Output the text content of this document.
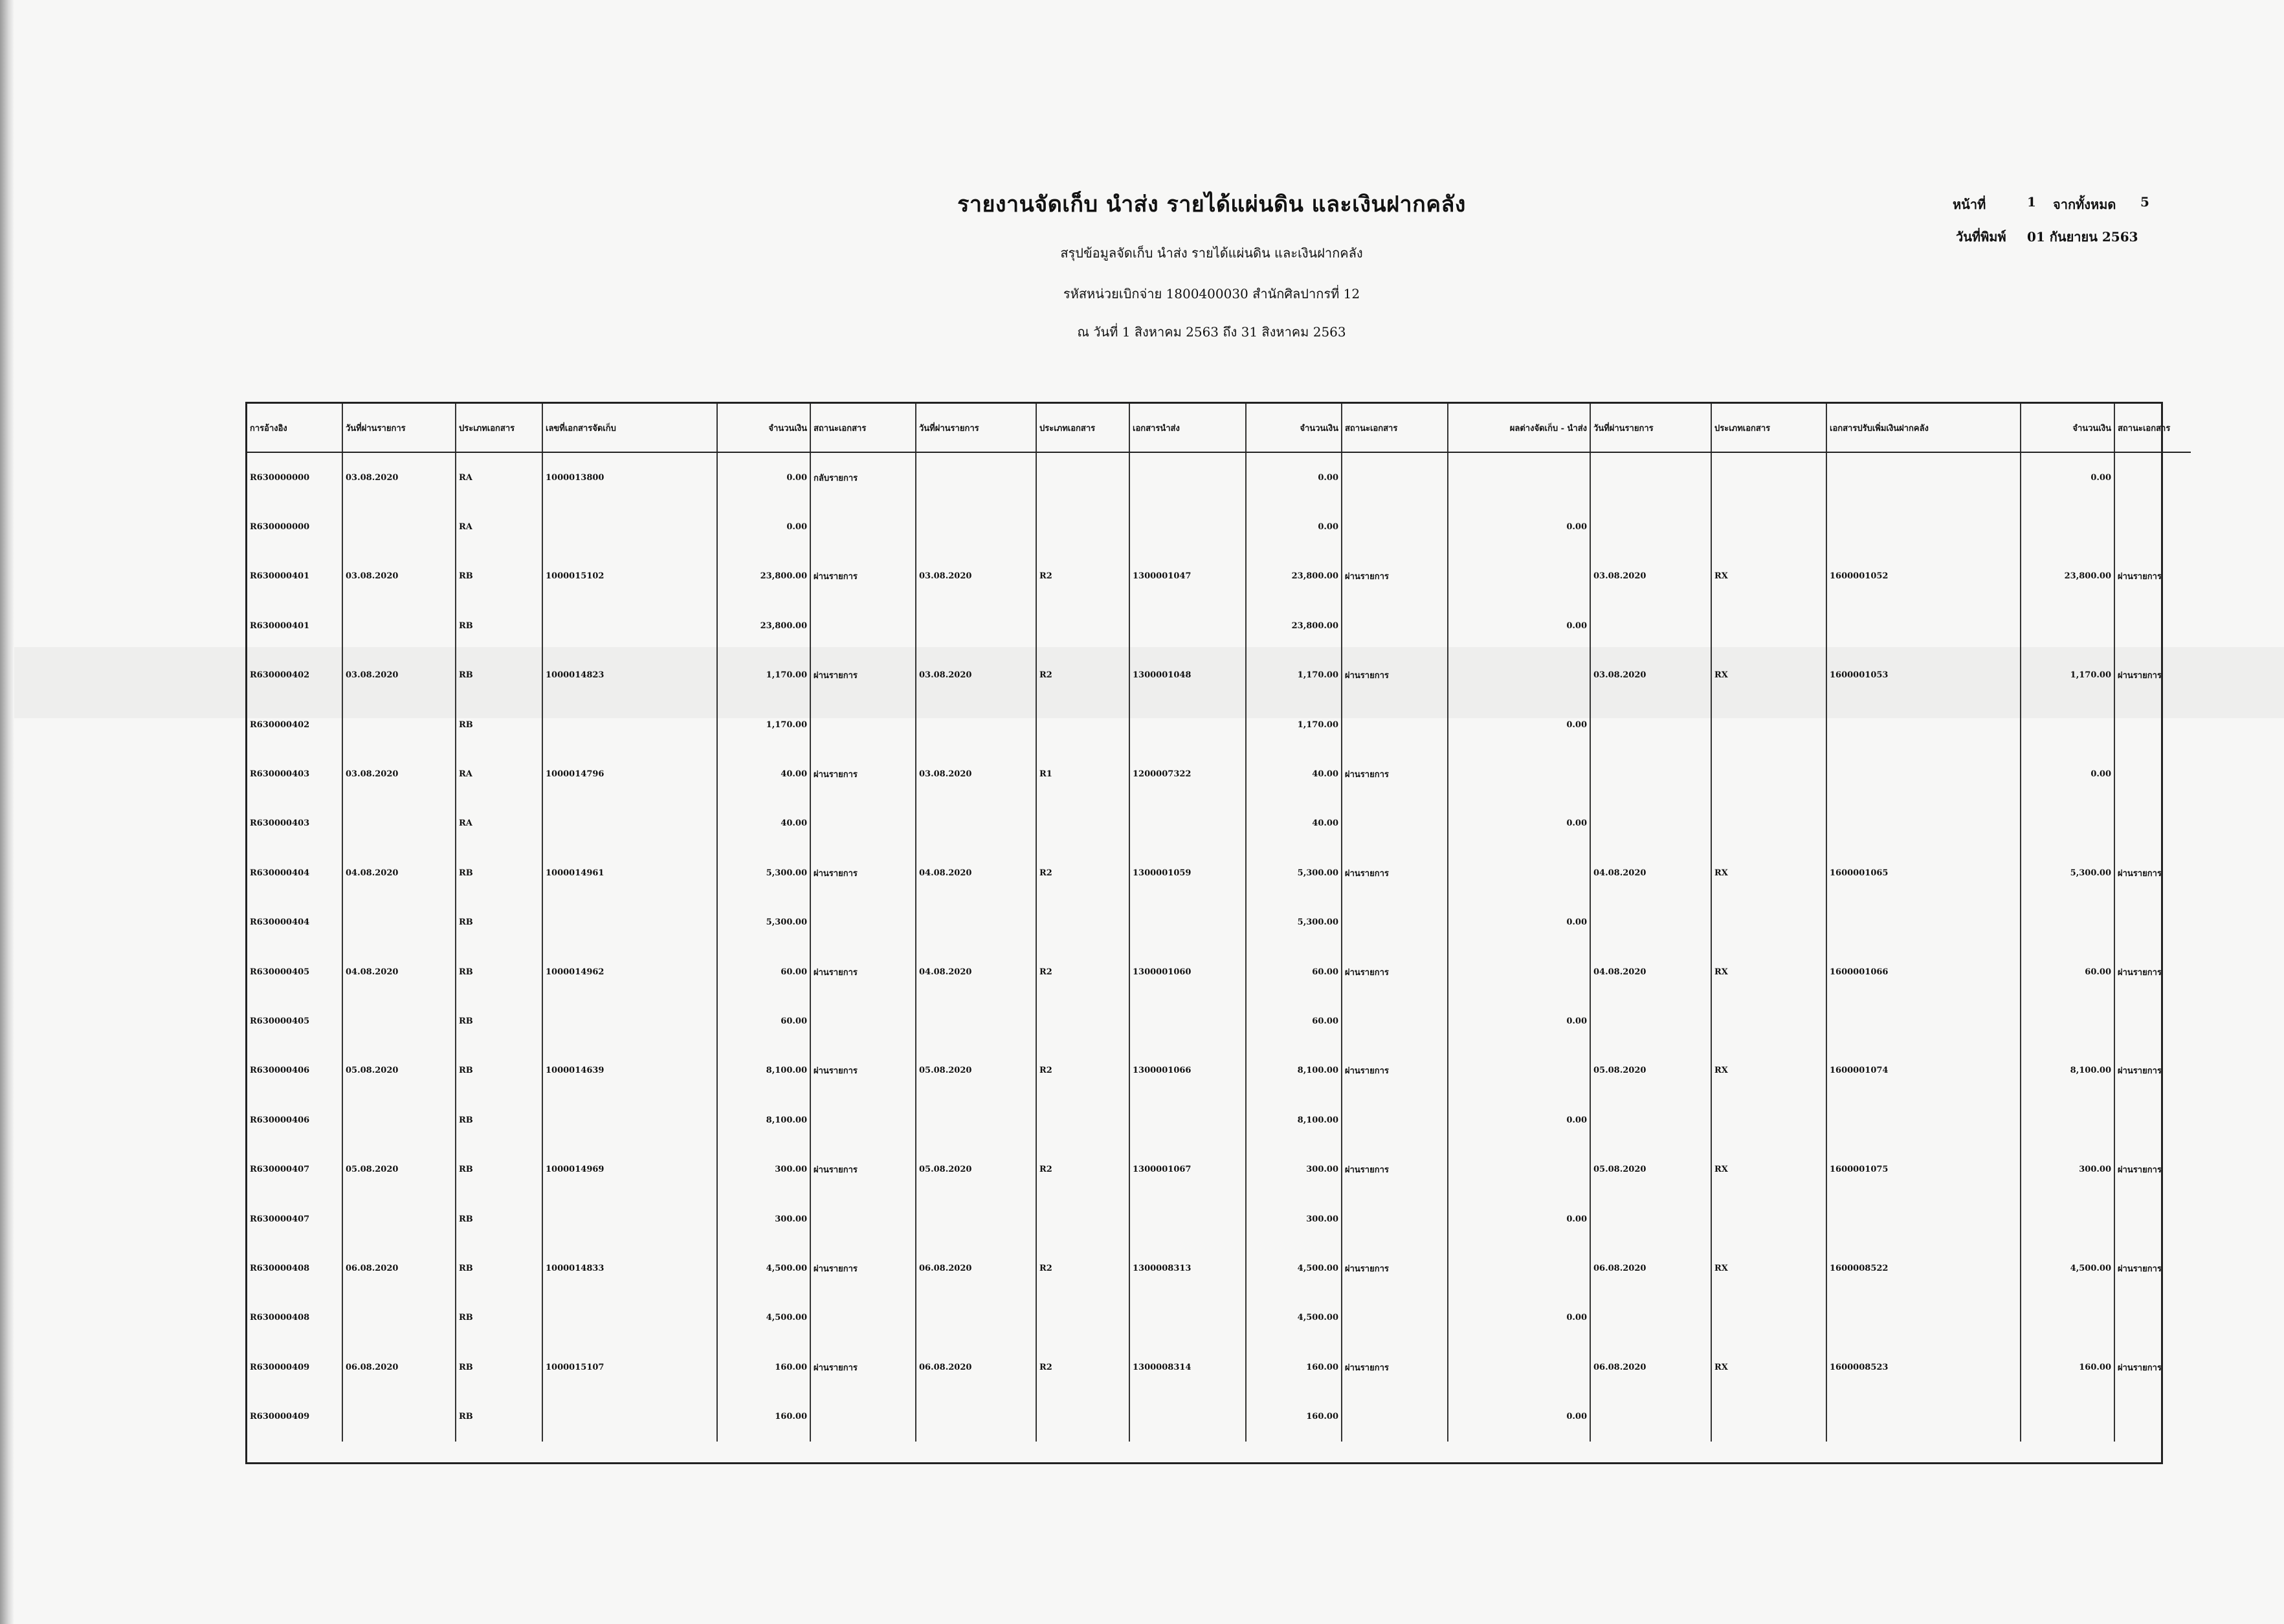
รายงานจัดเก็บ นำส่ง รายได้แผ่นดิน และเงินฝากคลัง
สรุปข้อมูลจัดเก็บ นำส่ง รายได้แผ่นดิน และเงินฝากคลัง
รหัสหน่วยเบิกจ่าย 1800400030 สำนักศิลปากรที่ 12
ณ วันที่ 1 สิงหาคม 2563 ถึง 31 สิงหาคม 2563
หน้าที่	1 จากทั้งหมด 5
วันที่พิมพ์ 01 กันยายน 2563
การอ้างอิง	วันที่ผ่านรายการ	ประเภทเอกสาร	เลขที่เอกสารจัดเก็บ	จำนวนเงิน	สถานะเอกสาร	วันที่ผ่านรายการ	ประเภทเอกสาร	เอกสารนำส่ง	จำนวนเงิน	สถานะเอกสาร	ผลต่างจัดเก็บ - นำส่ง	วันที่ผ่านรายการ	ประเภทเอกสาร	เอกสารปรับเพิ่มเงินฝากคลัง	จำนวนเงิน	สถานะเอกสาร
R630000000	03.08.2020	RA	1000013800	0.00	กลับรายการ				0.00						0.00	
R630000000		RA		0.00					0.00		0.00					
R630000401	03.08.2020	RB	1000015102	23,800.00	ผ่านรายการ	03.08.2020	R2	1300001047	23,800.00	ผ่านรายการ		03.08.2020	RX	1600001052	23,800.00	ผ่านรายการ
R630000401		RB		23,800.00					23,800.00		0.00					
R630000402	03.08.2020	RB	1000014823	1,170.00	ผ่านรายการ	03.08.2020	R2	1300001048	1,170.00	ผ่านรายการ		03.08.2020	RX	1600001053	1,170.00	ผ่านรายการ
R630000402		RB		1,170.00					1,170.00		0.00					
R630000403	03.08.2020	RA	1000014796	40.00	ผ่านรายการ	03.08.2020	R1	1200007322	40.00	ผ่านรายการ					0.00	
R630000403		RA		40.00					40.00		0.00					
R630000404	04.08.2020	RB	1000014961	5,300.00	ผ่านรายการ	04.08.2020	R2	1300001059	5,300.00	ผ่านรายการ		04.08.2020	RX	1600001065	5,300.00	ผ่านรายการ
R630000404		RB		5,300.00					5,300.00		0.00					
R630000405	04.08.2020	RB	1000014962	60.00	ผ่านรายการ	04.08.2020	R2	1300001060	60.00	ผ่านรายการ		04.08.2020	RX	1600001066	60.00	ผ่านรายการ
R630000405		RB		60.00					60.00		0.00					
R630000406	05.08.2020	RB	1000014639	8,100.00	ผ่านรายการ	05.08.2020	R2	1300001066	8,100.00	ผ่านรายการ		05.08.2020	RX	1600001074	8,100.00	ผ่านรายการ
R630000406		RB		8,100.00					8,100.00		0.00					
R630000407	05.08.2020	RB	1000014969	300.00	ผ่านรายการ	05.08.2020	R2	1300001067	300.00	ผ่านรายการ		05.08.2020	RX	1600001075	300.00	ผ่านรายการ
R630000407		RB		300.00					300.00		0.00					
R630000408	06.08.2020	RB	1000014833	4,500.00	ผ่านรายการ	06.08.2020	R2	1300008313	4,500.00	ผ่านรายการ		06.08.2020	RX	1600008522	4,500.00	ผ่านรายการ
R630000408		RB		4,500.00					4,500.00		0.00					
R630000409	06.08.2020	RB	1000015107	160.00	ผ่านรายการ	06.08.2020	R2	1300008314	160.00	ผ่านรายการ		06.08.2020	RX	1600008523	160.00	ผ่านรายการ
R630000409		RB		160.00					160.00		0.00					
